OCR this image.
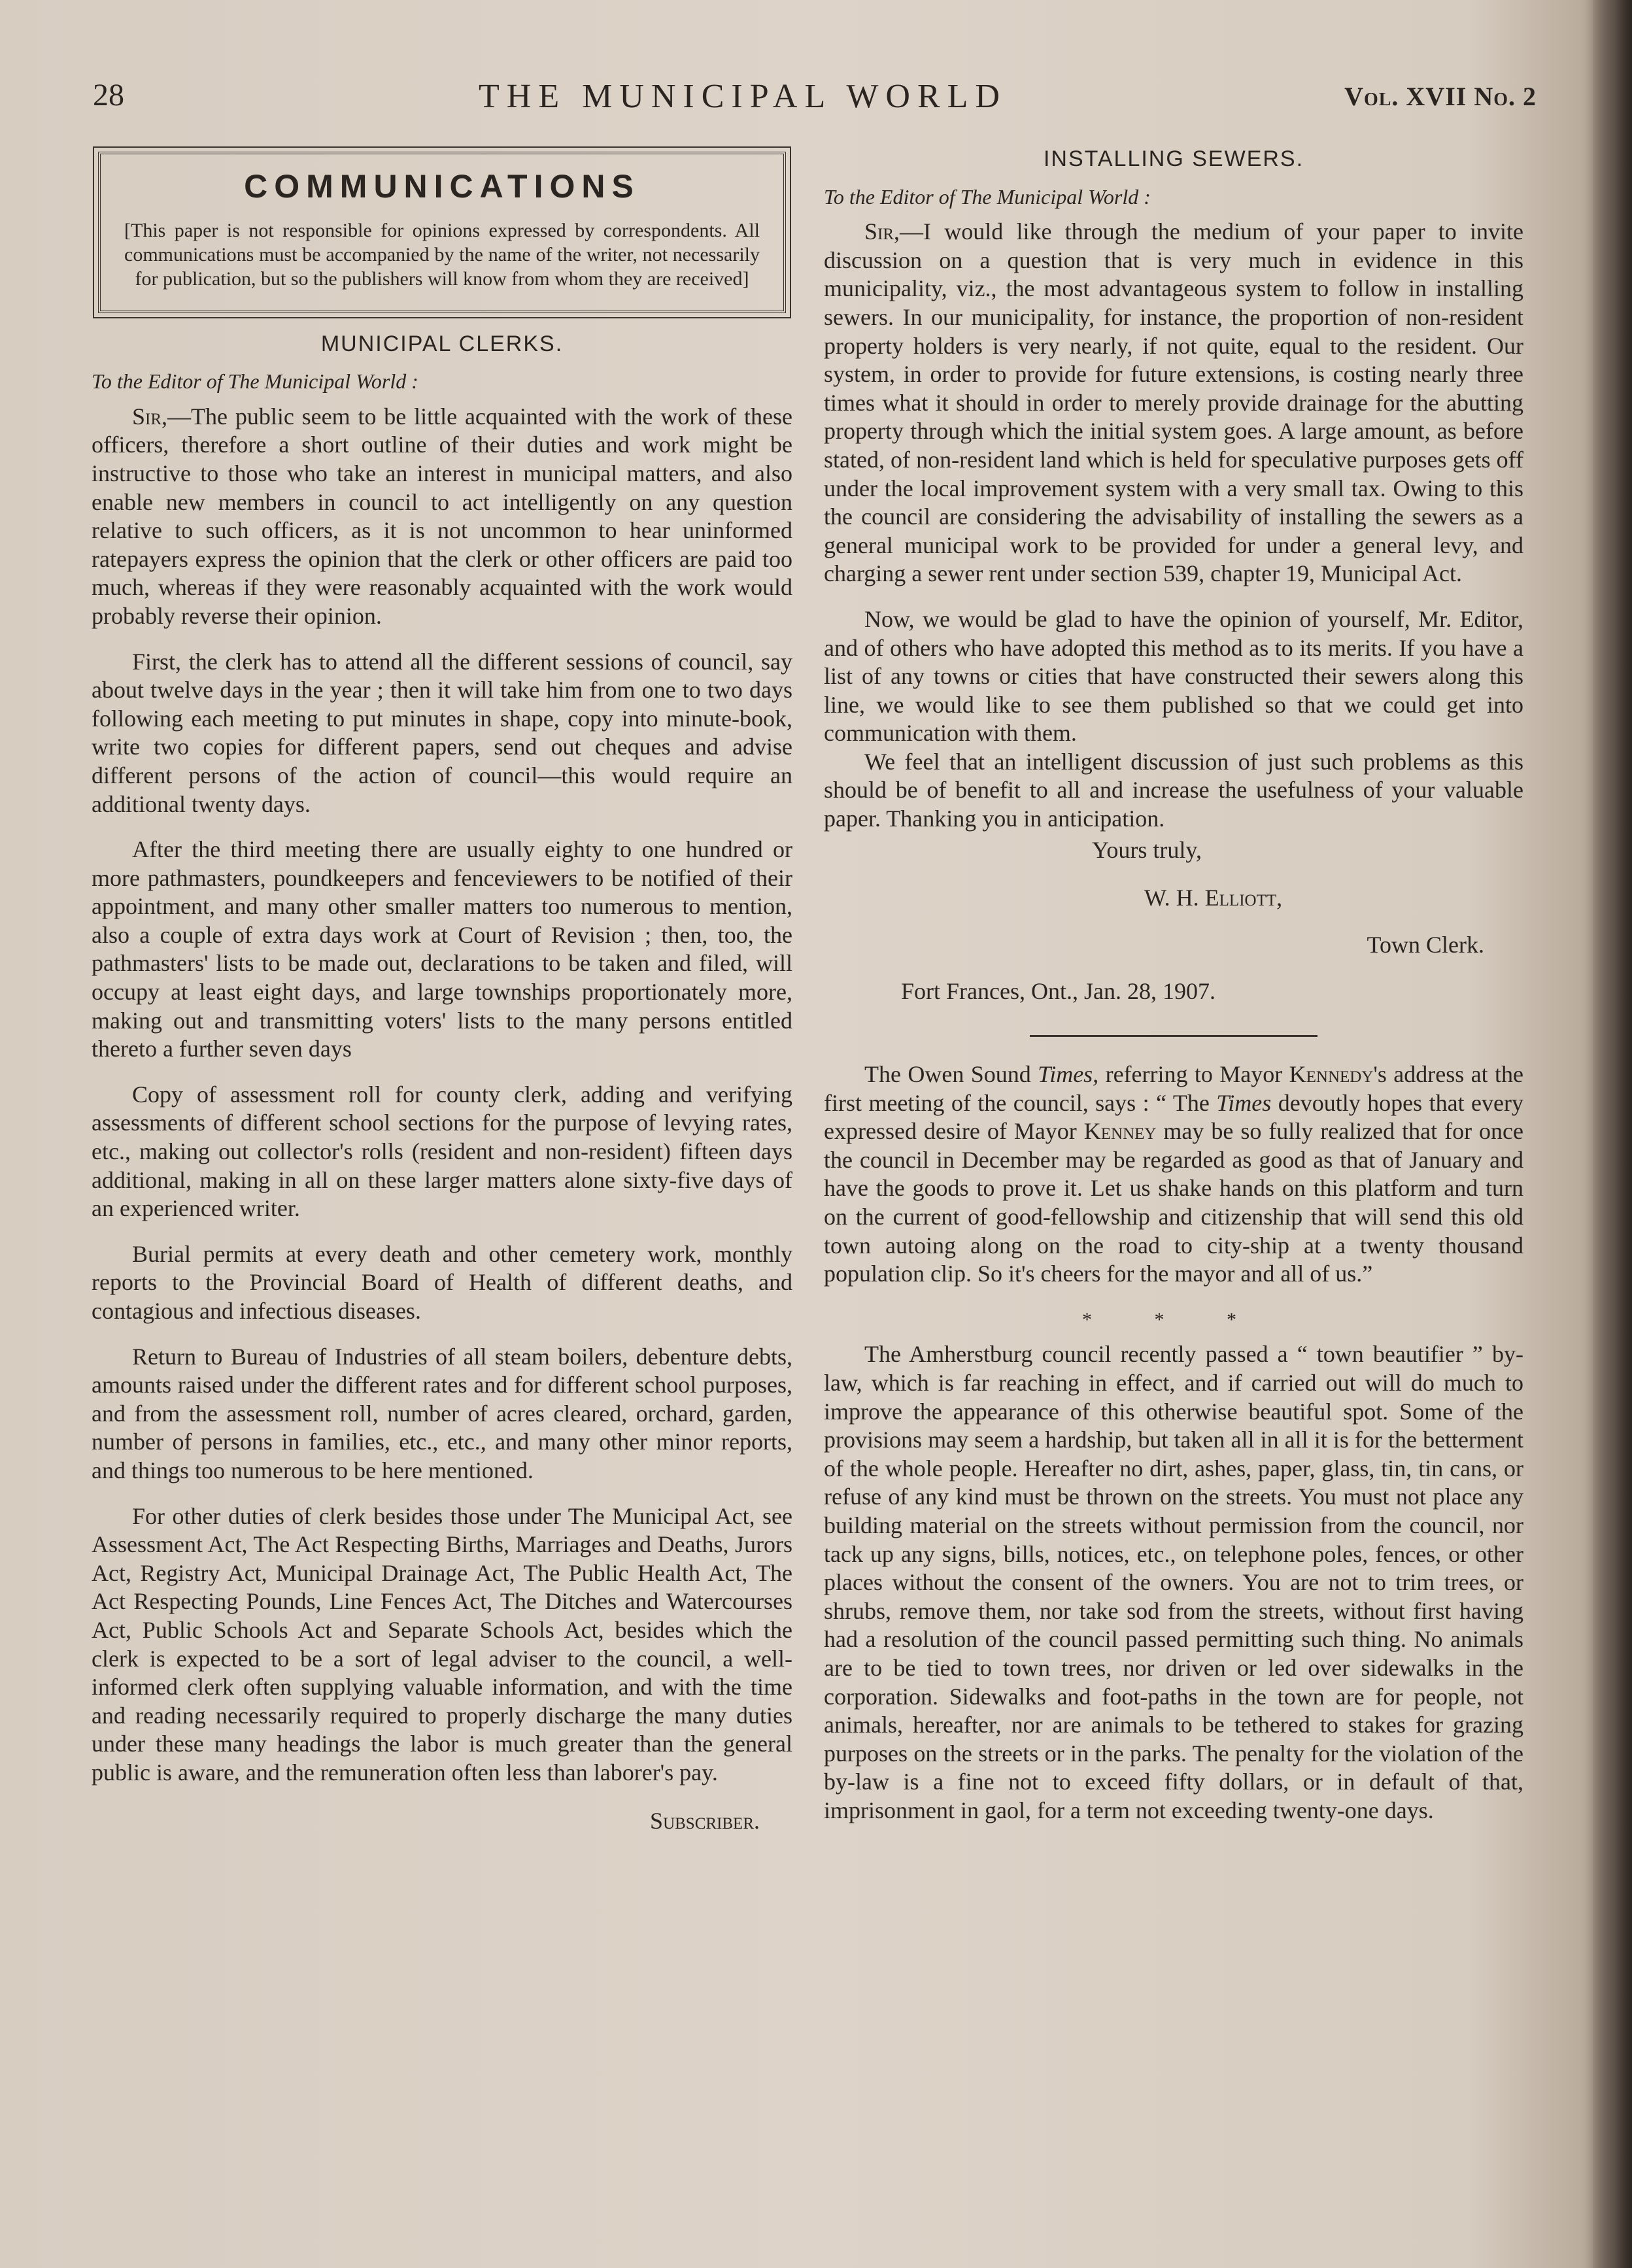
28	THE MUNICIPAL WORLD	Vol. XVII No. 2
COMMUNICATIONS
[This paper is not responsible for opinions expressed by correspondents. All communications must be accompanied by the name of the writer, not necessarily for publication, but so the publishers will know from whom they are received]
MUNICIPAL CLERKS.
To the Editor of The Municipal World :

Sir,—The public seem to be little acquainted with the work of these officers, therefore a short outline of their duties and work might be instructive to those who take an interest in municipal matters, and also enable new members in council to act intelligently on any question relative to such officers, as it is not uncommon to hear uninformed ratepayers express the opinion that the clerk or other officers are paid too much, whereas if they were reasonably acquainted with the work would probably reverse their opinion.

First, the clerk has to attend all the different sessions of council, say about twelve days in the year ; then it will take him from one to two days following each meeting to put minutes in shape, copy into minute-book, write two copies for different papers, send out cheques and advise different persons of the action of council—this would require an additional twenty days.

After the third meeting there are usually eighty to one hundred or more pathmasters, poundkeepers and fenceviewers to be notified of their appointment, and many other smaller matters too numerous to mention, also a couple of extra days work at Court of Revision ; then, too, the pathmasters' lists to be made out, declarations to be taken and filed, will occupy at least eight days, and large townships proportionately more, making out and transmitting voters' lists to the many persons entitled thereto a further seven days

Copy of assessment roll for county clerk, adding and verifying assessments of different school sections for the purpose of levying rates, etc., making out collector's rolls (resident and non-resident) fifteen days additional, making in all on these larger matters alone sixty-five days of an experienced writer.

Burial permits at every death and other cemetery work, monthly reports to the Provincial Board of Health of different deaths, and contagious and infectious diseases.

Return to Bureau of Industries of all steam boilers, debenture debts, amounts raised under the different rates and for different school purposes, and from the assessment roll, number of acres cleared, orchard, garden, number of persons in families, etc., etc., and many other minor reports, and things too numerous to be here mentioned.

For other duties of clerk besides those under The Municipal Act, see Assessment Act, The Act Respecting Births, Marriages and Deaths, Jurors Act, Registry Act, Municipal Drainage Act, The Public Health Act, The Act Respecting Pounds, Line Fences Act, The Ditches and Watercourses Act, Public Schools Act and Separate Schools Act, besides which the clerk is expected to be a sort of legal adviser to the council, a well-informed clerk often supplying valuable information, and with the time and reading necessarily required to properly discharge the many duties under these many headings the labor is much greater than the general public is aware, and the remuneration often less than laborer's pay.

Subscriber.
INSTALLING SEWERS.
To the Editor of The Municipal World :

Sir,—I would like through the medium of your paper to invite discussion on a question that is very much in evidence in this municipality, viz., the most advantageous system to follow in installing sewers. In our municipality, for instance, the proportion of non-resident property holders is very nearly, if not quite, equal to the resident. Our system, in order to provide for future extensions, is costing nearly three times what it should in order to merely provide drainage for the abutting property through which the initial system goes. A large amount, as before stated, of non-resident land which is held for speculative purposes gets off under the local improvement system with a very small tax. Owing to this the council are considering the advisability of installing the sewers as a general municipal work to be provided for under a general levy, and charging a sewer rent under section 539, chapter 19, Municipal Act.

Now, we would be glad to have the opinion of yourself, Mr. Editor, and of others who have adopted this method as to its merits. If you have a list of any towns or cities that have constructed their sewers along this line, we would like to see them published so that we could get into communication with them.

We feel that an intelligent discussion of just such problems as this should be of benefit to all and increase the usefulness of your valuable paper. Thanking you in anticipation.

Yours truly,

W. H. Elliott,

Town Clerk.

Fort Frances, Ont., Jan. 28, 1907.

The Owen Sound Times, referring to Mayor Kennedy's address at the first meeting of the council, says : “ The Times devoutly hopes that every expressed desire of Mayor Kenney may be so fully realized that for once the council in December may be regarded as good as that of January and have the goods to prove it. Let us shake hands on this platform and turn on the current of good-fellowship and citizenship that will send this old town autoing along on the road to city-ship at a twenty thousand population clip. So it's cheers for the mayor and all of us.”

* * *

The Amherstburg council recently passed a “ town beautifier ” by-law, which is far reaching in effect, and if carried out will do much to improve the appearance of this otherwise beautiful spot. Some of the provisions may seem a hardship, but taken all in all it is for the betterment of the whole people. Hereafter no dirt, ashes, paper, glass, tin, tin cans, or refuse of any kind must be thrown on the streets. You must not place any building material on the streets without permission from the council, nor tack up any signs, bills, notices, etc., on telephone poles, fences, or other places without the consent of the owners. You are not to trim trees, or shrubs, remove them, nor take sod from the streets, without first having had a resolution of the council passed permitting such thing. No animals are to be tied to town trees, nor driven or led over sidewalks in the corporation. Sidewalks and foot-paths in the town are for people, not animals, hereafter, nor are animals to be tethered to stakes for grazing purposes on the streets or in the parks. The penalty for the violation of the by-law is a fine not to exceed fifty dollars, or in default of that, imprisonment in gaol, for a term not exceeding twenty-one days.
